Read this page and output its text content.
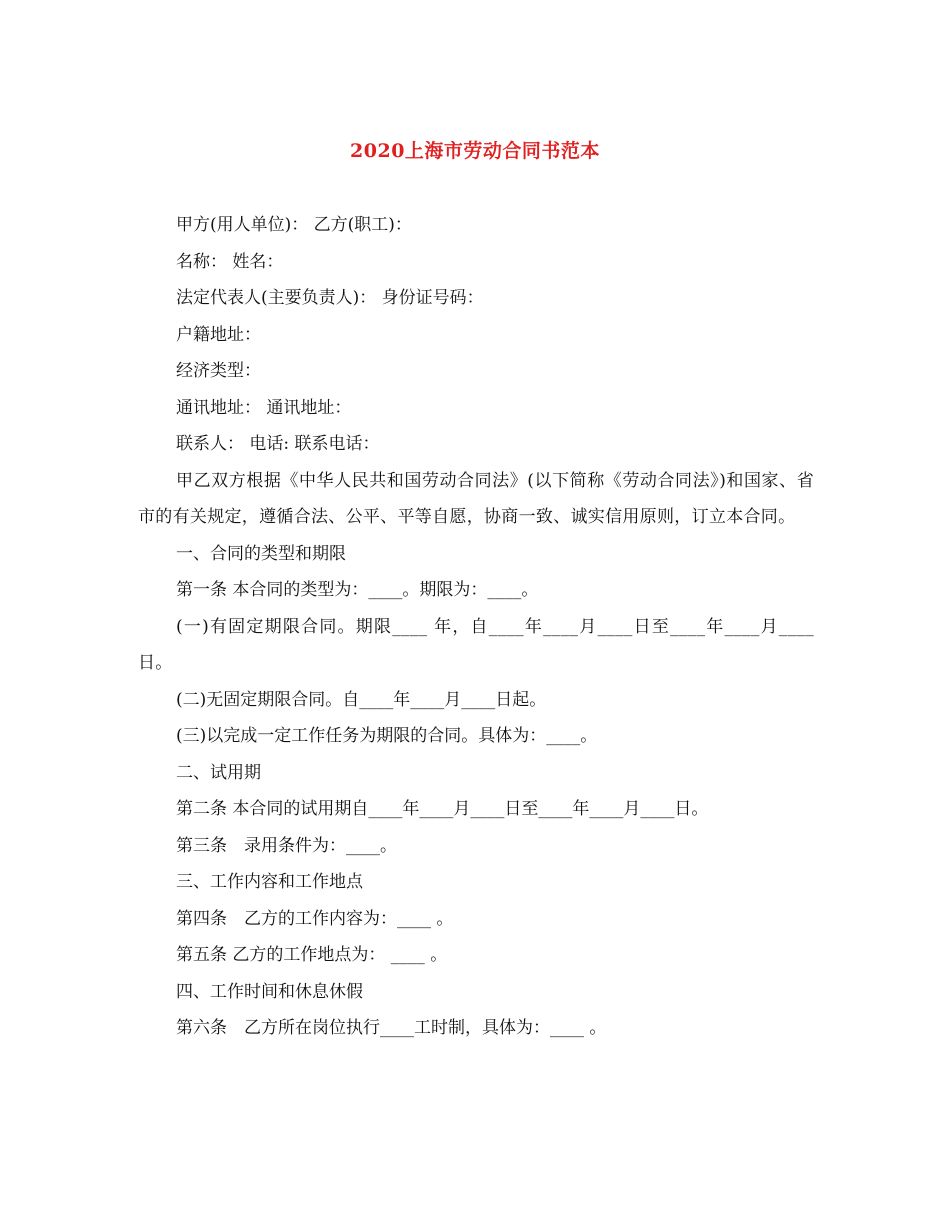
2020上海市劳动合同书范本

甲方(用人单位)： 乙方(职工)：

名称： 姓名：

法定代表人(主要负责人)： 身份证号码：

户籍地址：

经济类型：

通讯地址： 通讯地址：

联系人： 电话: 联系电话：

甲乙双方根据《中华人民共和国劳动合同法》(以下简称《劳动合同法》)和国家、省市的有关规定，遵循合法、公平、平等自愿，协商一致、诚实信用原则，订立本合同。

一、合同的类型和期限

第一条 本合同的类型为：____。期限为：____。

(一)有固定期限合同。期限____ 年，自____年____月____日至____年____月____日。

(二)无固定期限合同。自____年____月____日起。

(三)以完成一定工作任务为期限的合同。具体为：____。

二、试用期

第二条 本合同的试用期自____年____月____日至____年____月____日。

第三条　录用条件为：____。

三、工作内容和工作地点

第四条　乙方的工作内容为：____ 。

第五条 乙方的工作地点为： ____ 。

四、工作时间和休息休假

第六条　乙方所在岗位执行____工时制，具体为：____ 。
